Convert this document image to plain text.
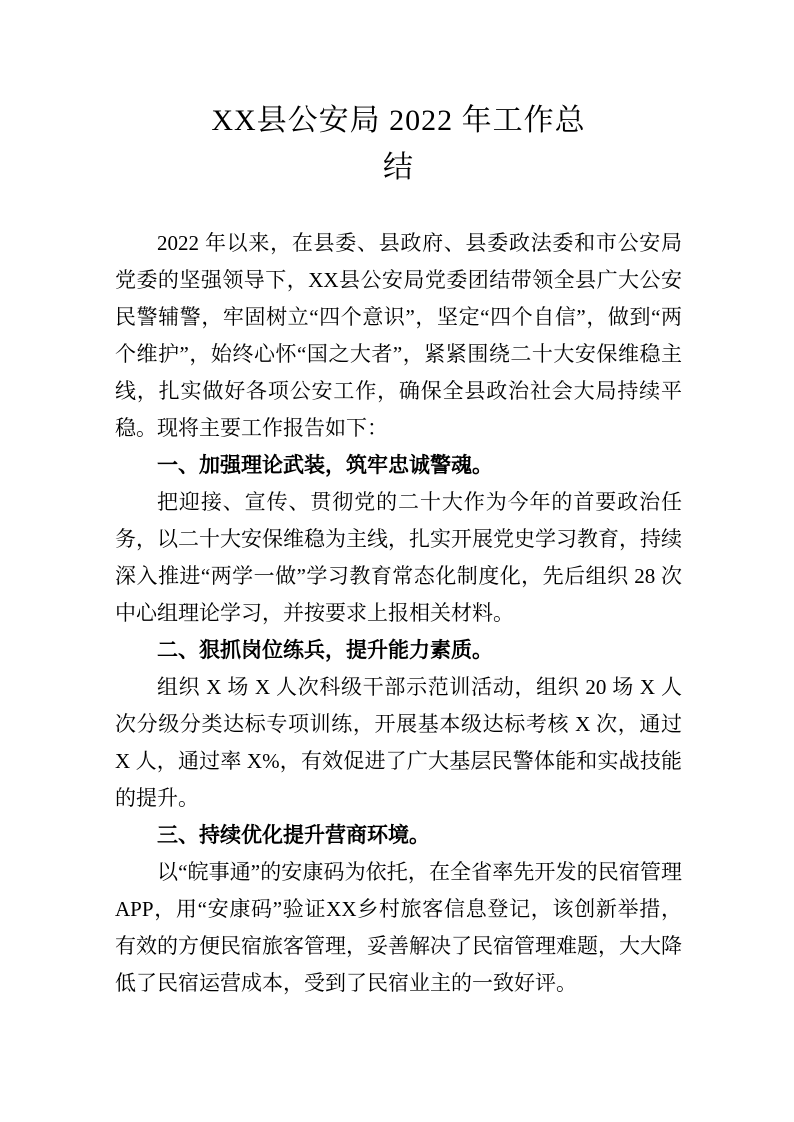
XX县公安局 2022 年工作总
结

2022 年以来，在县委、县政府、县委政法委和市公安局党委的坚强领导下，XX县公安局党委团结带领全县广大公安民警辅警，牢固树立“四个意识”，坚定“四个自信”，做到“两个维护”，始终心怀“国之大者”，紧紧围绕二十大安保维稳主线，扎实做好各项公安工作，确保全县政治社会大局持续平稳。现将主要工作报告如下：

一、加强理论武装，筑牢忠诚警魂。

把迎接、宣传、贯彻党的二十大作为今年的首要政治任务，以二十大安保维稳为主线，扎实开展党史学习教育，持续深入推进“两学一做”学习教育常态化制度化，先后组织 28 次中心组理论学习，并按要求上报相关材料。

二、狠抓岗位练兵，提升能力素质。

组织 X 场 X 人次科级干部示范训活动，组织 20 场 X 人次分级分类达标专项训练，开展基本级达标考核 X 次，通过 X 人，通过率 X%，有效促进了广大基层民警体能和实战技能的提升。

三、持续优化提升营商环境。

以“皖事通”的安康码为依托，在全省率先开发的民宿管理 APP，用“安康码”验证XX乡村旅客信息登记，该创新举措，有效的方便民宿旅客管理，妥善解决了民宿管理难题，大大降低了民宿运营成本，受到了民宿业主的一致好评。
